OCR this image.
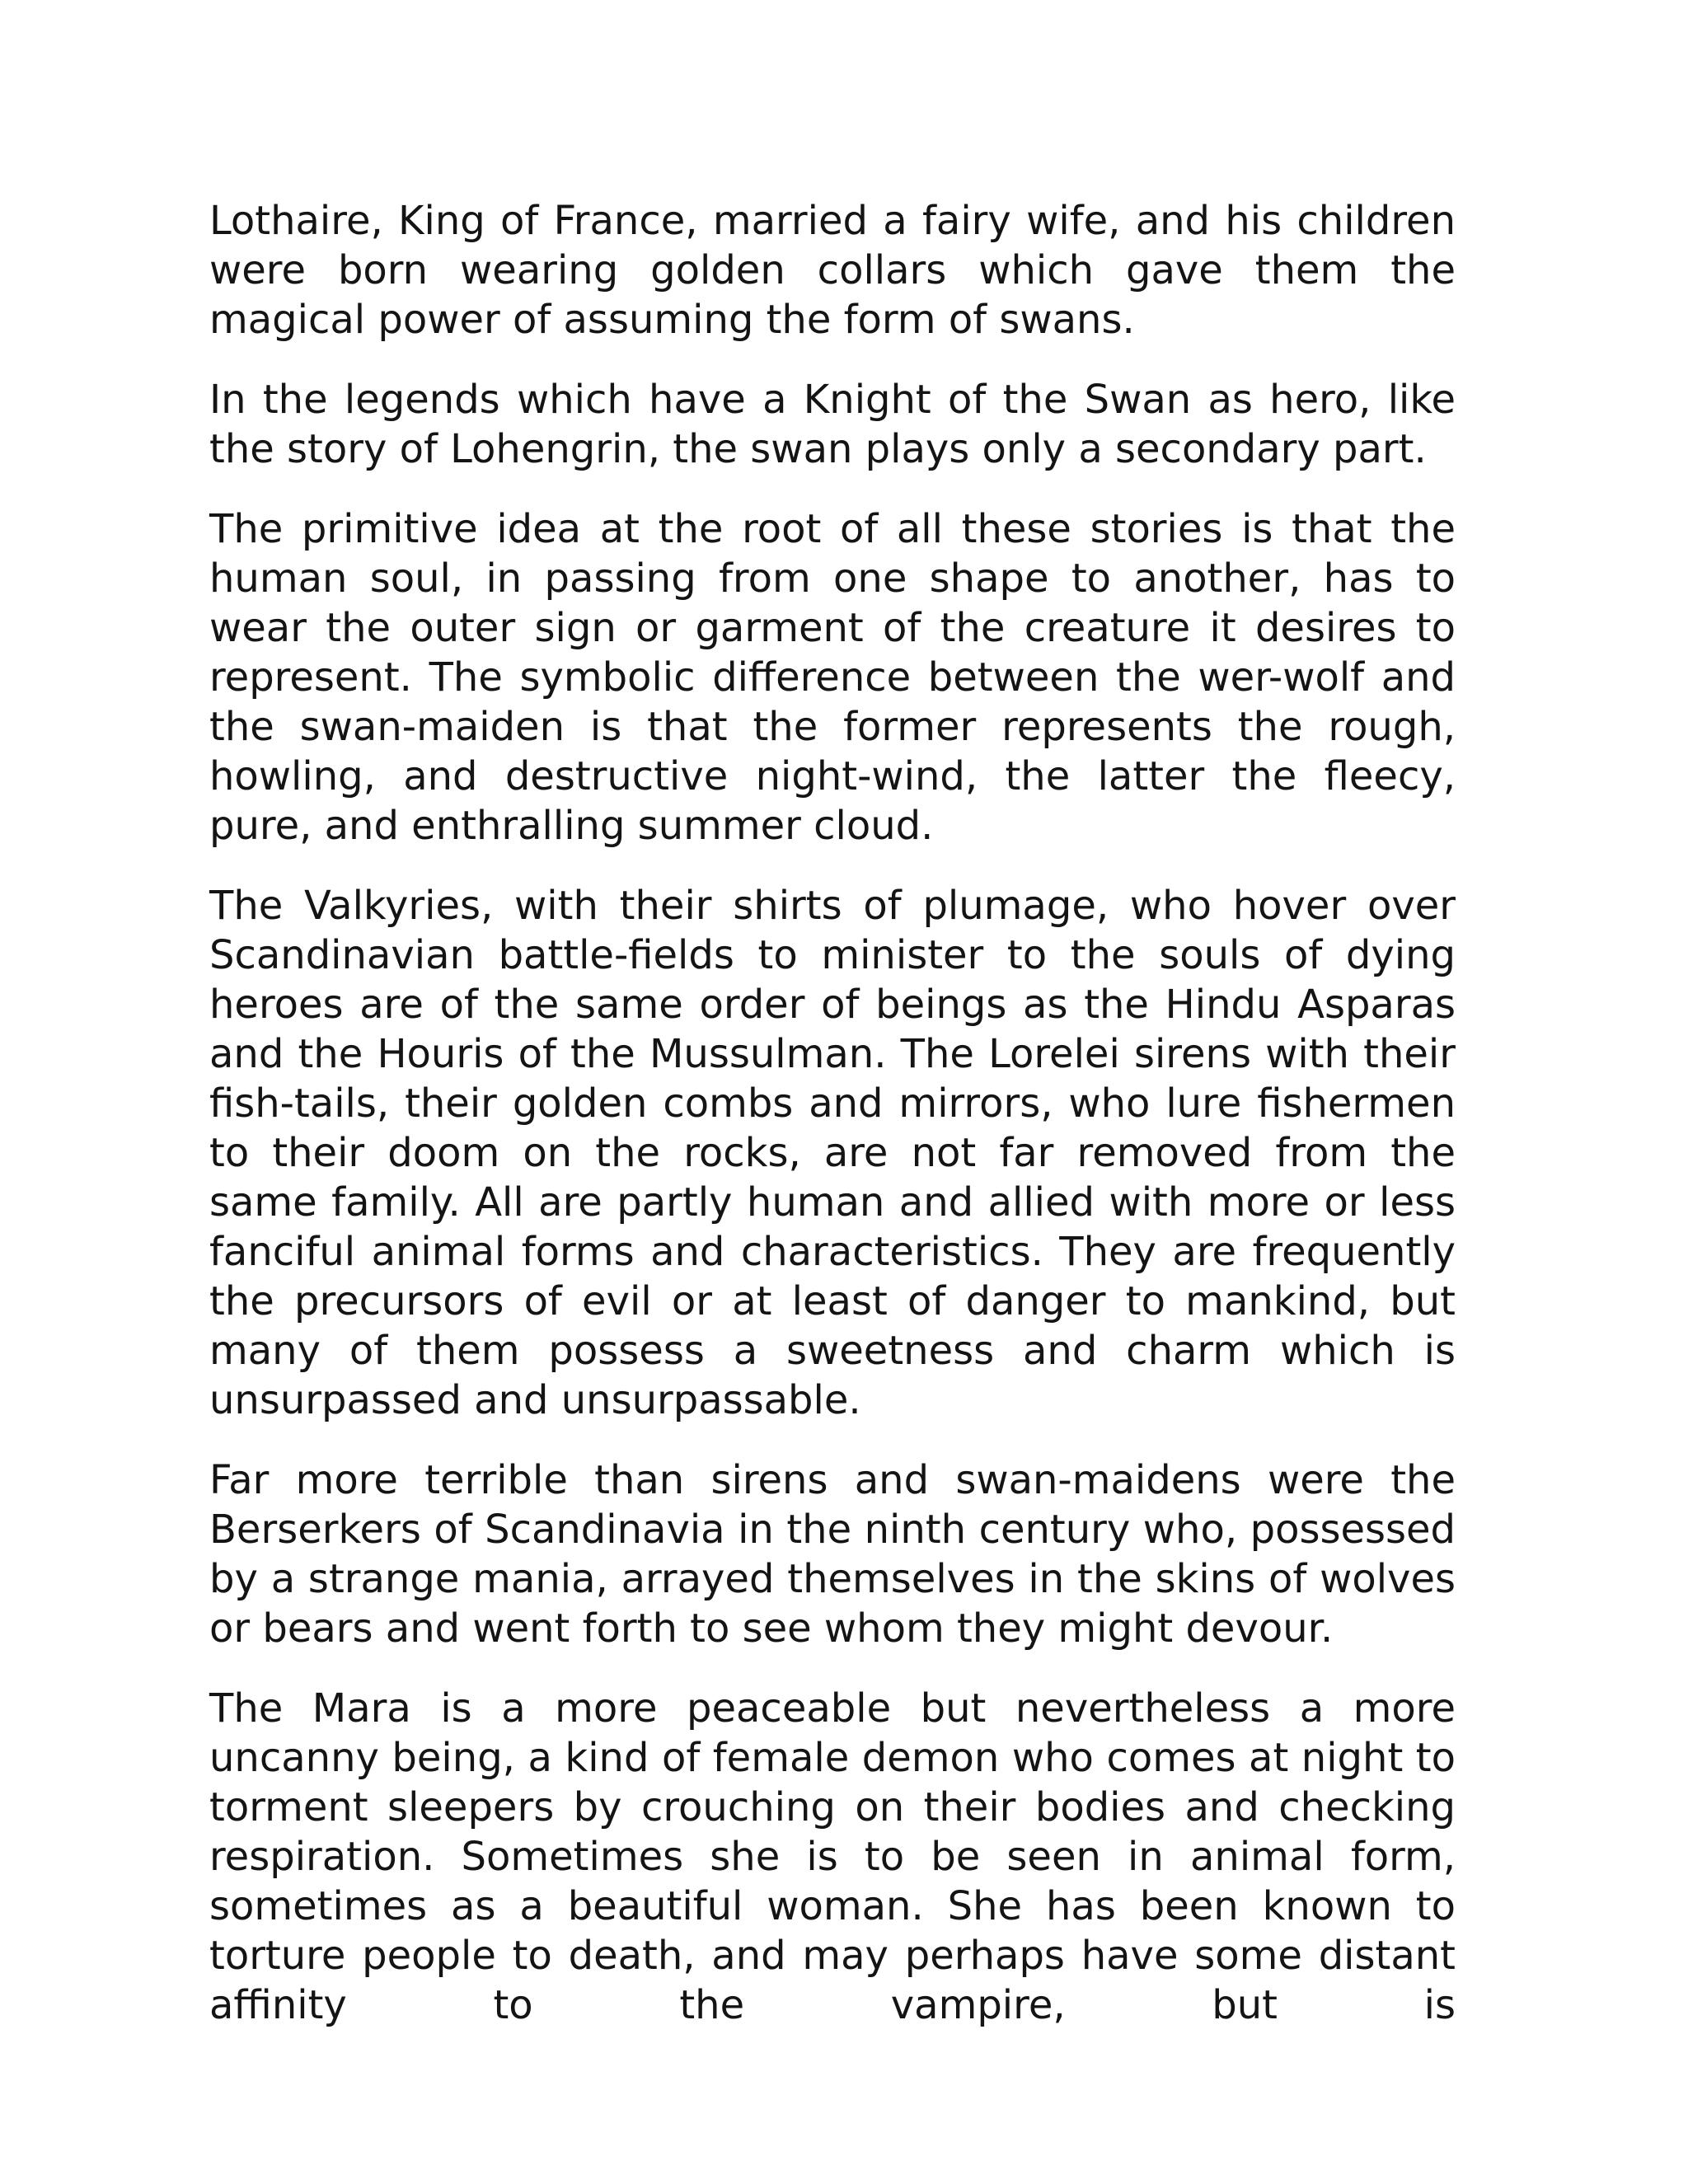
Lothaire, King of France, married a fairy wife, and his children were born wearing golden collars which gave them the magical power of assuming the form of swans.

In the legends which have a Knight of the Swan as hero, like the story of Lohengrin, the swan plays only a secondary part.

The primitive idea at the root of all these stories is that the human soul, in passing from one shape to another, has to wear the outer sign or garment of the creature it desires to represent. The symbolic difference between the wer-wolf and the swan-maiden is that the former represents the rough, howling, and destructive night-wind, the latter the fleecy, pure, and enthralling summer cloud.

The Valkyries, with their shirts of plumage, who hover over Scandinavian battle-fields to minister to the souls of dying heroes are of the same order of beings as the Hindu Asparas and the Houris of the Mussulman. The Lorelei sirens with their fish-tails, their golden combs and mirrors, who lure fishermen to their doom on the rocks, are not far removed from the same family. All are partly human and allied with more or less fanciful animal forms and characteristics. They are frequently the precursors of evil or at least of danger to mankind, but many of them possess a sweetness and charm which is unsurpassed and unsurpassable.

Far more terrible than sirens and swan-maidens were the Berserkers of Scandinavia in the ninth century who, possessed by a strange mania, arrayed themselves in the skins of wolves or bears and went forth to see whom they might devour.

The Mara is a more peaceable but nevertheless a more uncanny being, a kind of female demon who comes at night to torment sleepers by crouching on their bodies and checking respiration. Sometimes she is to be seen in animal form, sometimes as a beautiful woman. She has been known to torture people to death, and may perhaps have some distant affinity to the vampire, but is
